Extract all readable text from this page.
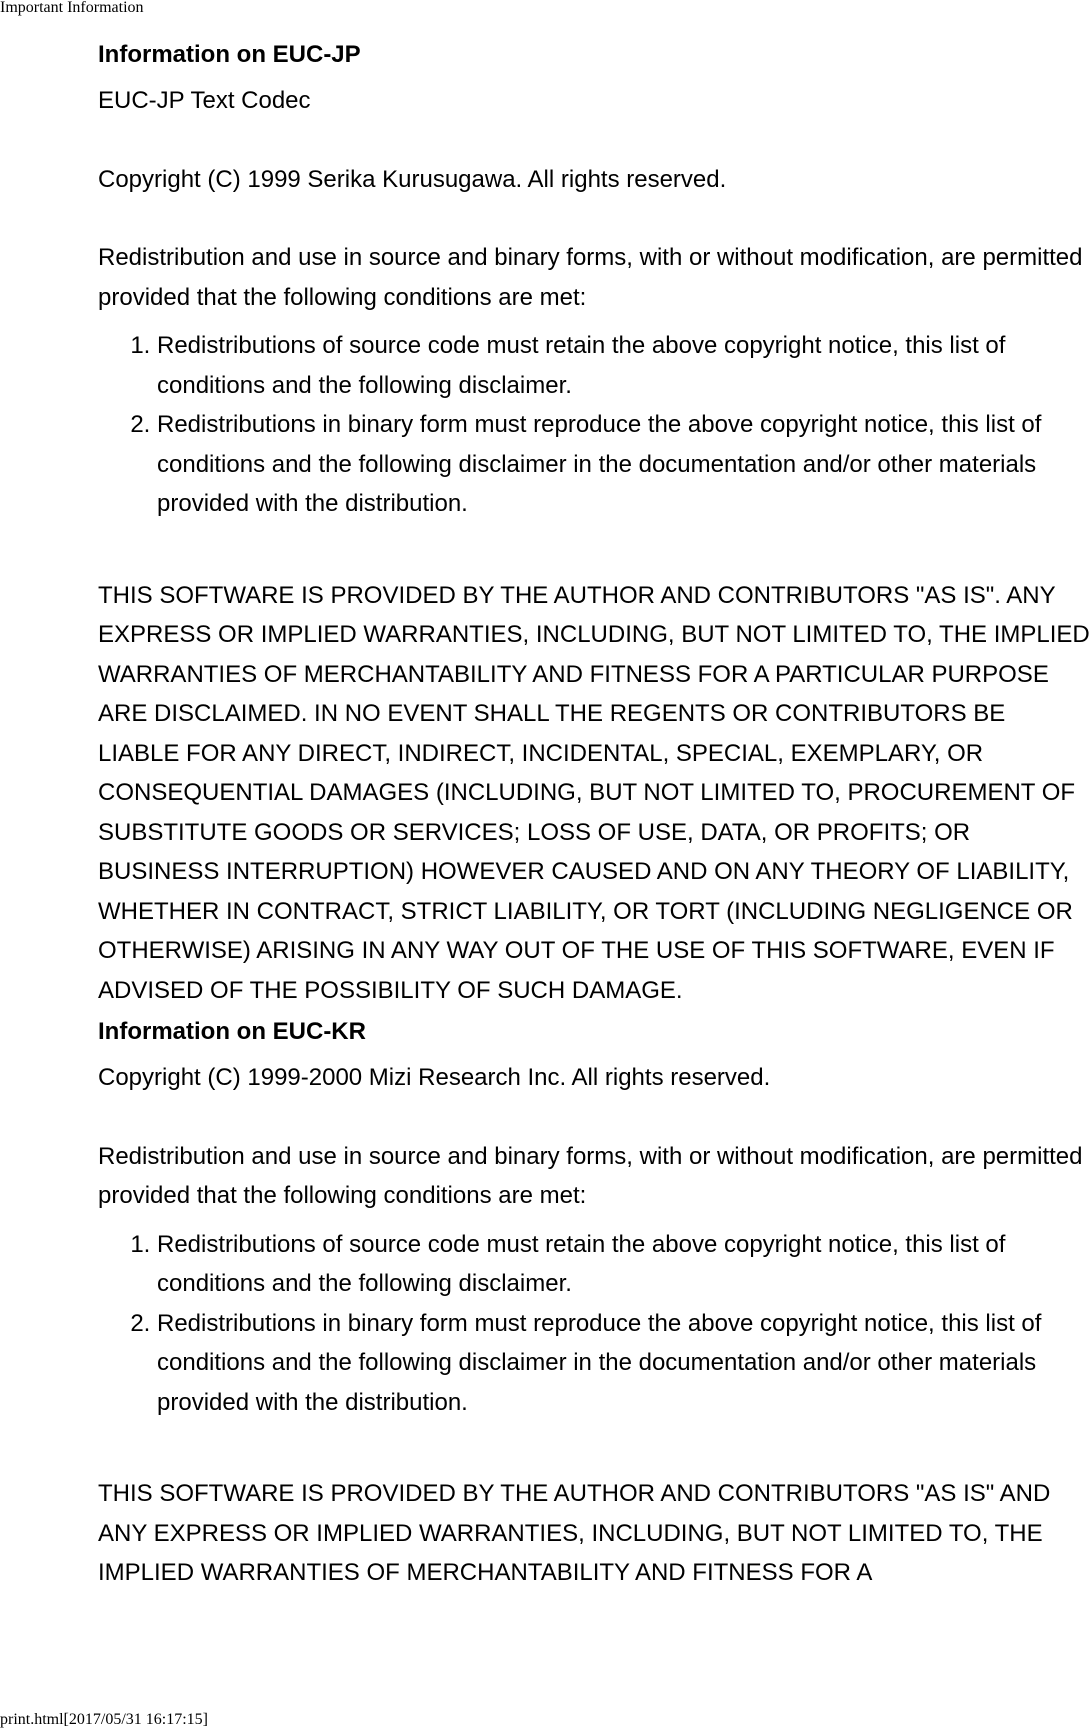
Important Information
Information on EUC-JP

EUC-JP Text Codec

Copyright (C) 1999 Serika Kurusugawa. All rights reserved.

Redistribution and use in source and binary forms, with or without modification, are permitted provided that the following conditions are met:

1. Redistributions of source code must retain the above copyright notice, this list of conditions and the following disclaimer.
2. Redistributions in binary form must reproduce the above copyright notice, this list of conditions and the following disclaimer in the documentation and/or other materials provided with the distribution.

THIS SOFTWARE IS PROVIDED BY THE AUTHOR AND CONTRIBUTORS "AS IS". ANY EXPRESS OR IMPLIED WARRANTIES, INCLUDING, BUT NOT LIMITED TO, THE IMPLIED WARRANTIES OF MERCHANTABILITY AND FITNESS FOR A PARTICULAR PURPOSE ARE DISCLAIMED. IN NO EVENT SHALL THE REGENTS OR CONTRIBUTORS BE LIABLE FOR ANY DIRECT, INDIRECT, INCIDENTAL, SPECIAL, EXEMPLARY, OR CONSEQUENTIAL DAMAGES (INCLUDING, BUT NOT LIMITED TO, PROCUREMENT OF SUBSTITUTE GOODS OR SERVICES; LOSS OF USE, DATA, OR PROFITS; OR BUSINESS INTERRUPTION) HOWEVER CAUSED AND ON ANY THEORY OF LIABILITY, WHETHER IN CONTRACT, STRICT LIABILITY, OR TORT (INCLUDING NEGLIGENCE OR OTHERWISE) ARISING IN ANY WAY OUT OF THE USE OF THIS SOFTWARE, EVEN IF ADVISED OF THE POSSIBILITY OF SUCH DAMAGE.

Information on EUC-KR

Copyright (C) 1999-2000 Mizi Research Inc. All rights reserved.

Redistribution and use in source and binary forms, with or without modification, are permitted provided that the following conditions are met:

1. Redistributions of source code must retain the above copyright notice, this list of conditions and the following disclaimer.
2. Redistributions in binary form must reproduce the above copyright notice, this list of conditions and the following disclaimer in the documentation and/or other materials provided with the distribution.

THIS SOFTWARE IS PROVIDED BY THE AUTHOR AND CONTRIBUTORS "AS IS" AND ANY EXPRESS OR IMPLIED WARRANTIES, INCLUDING, BUT NOT LIMITED TO, THE IMPLIED WARRANTIES OF MERCHANTABILITY AND FITNESS FOR A

print.html[2017/05/31 16:17:15]
